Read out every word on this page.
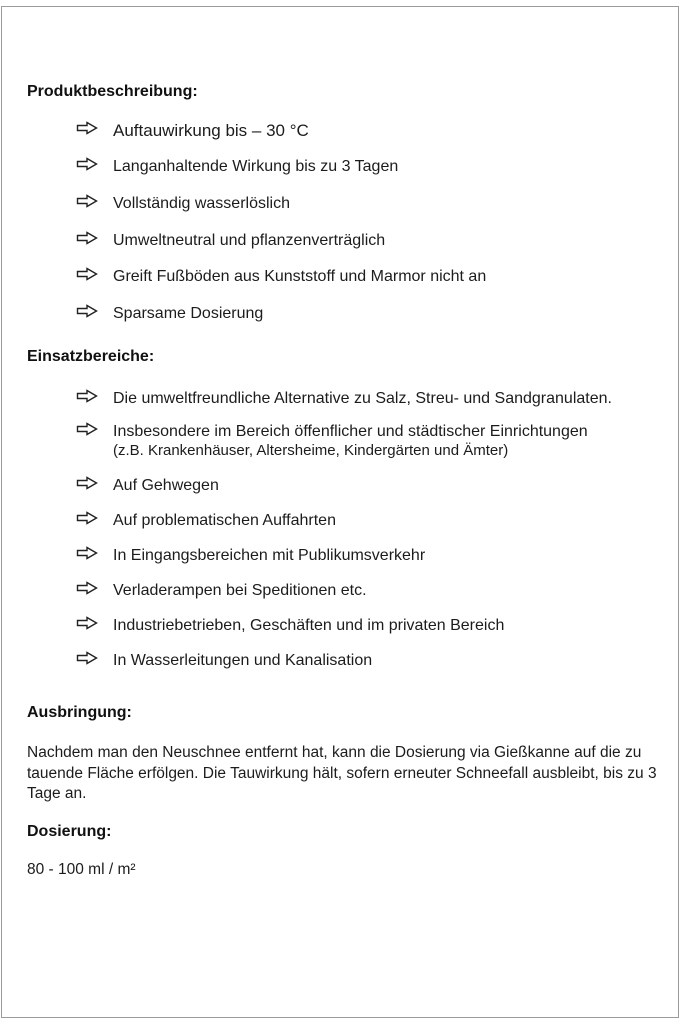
Produktbeschreibung:
Auftauwirkung bis – 30 °C
Langanhaltende Wirkung bis zu 3 Tagen
Vollständig wasserlöslich
Umweltneutral und pflanzenverträglich
Greift Fußböden aus Kunststoff und Marmor nicht an
Sparsame Dosierung
Einsatzbereiche:
Die umweltfreundliche Alternative zu Salz, Streu- und Sandgranulaten.
Insbesondere im Bereich öffenflicher und städtischer Einrichtungen
(z.B. Krankenhäuser, Altersheime, Kindergärten und Ämter)
Auf Gehwegen
Auf problematischen Auffahrten
In Eingangsbereichen mit Publikumsverkehr
Verladerampen bei Speditionen etc.
Industriebetrieben, Geschäften und im privaten Bereich
In Wasserleitungen und Kanalisation
Ausbringung:
Nachdem man den Neuschnee entfernt hat, kann die Dosierung via Gießkanne auf die zu tauende Fläche erfölgen. Die Tauwirkung hält, sofern erneuter Schneefall ausbleibt, bis zu 3 Tage an.
Dosierung:
80 - 100 ml / m²
